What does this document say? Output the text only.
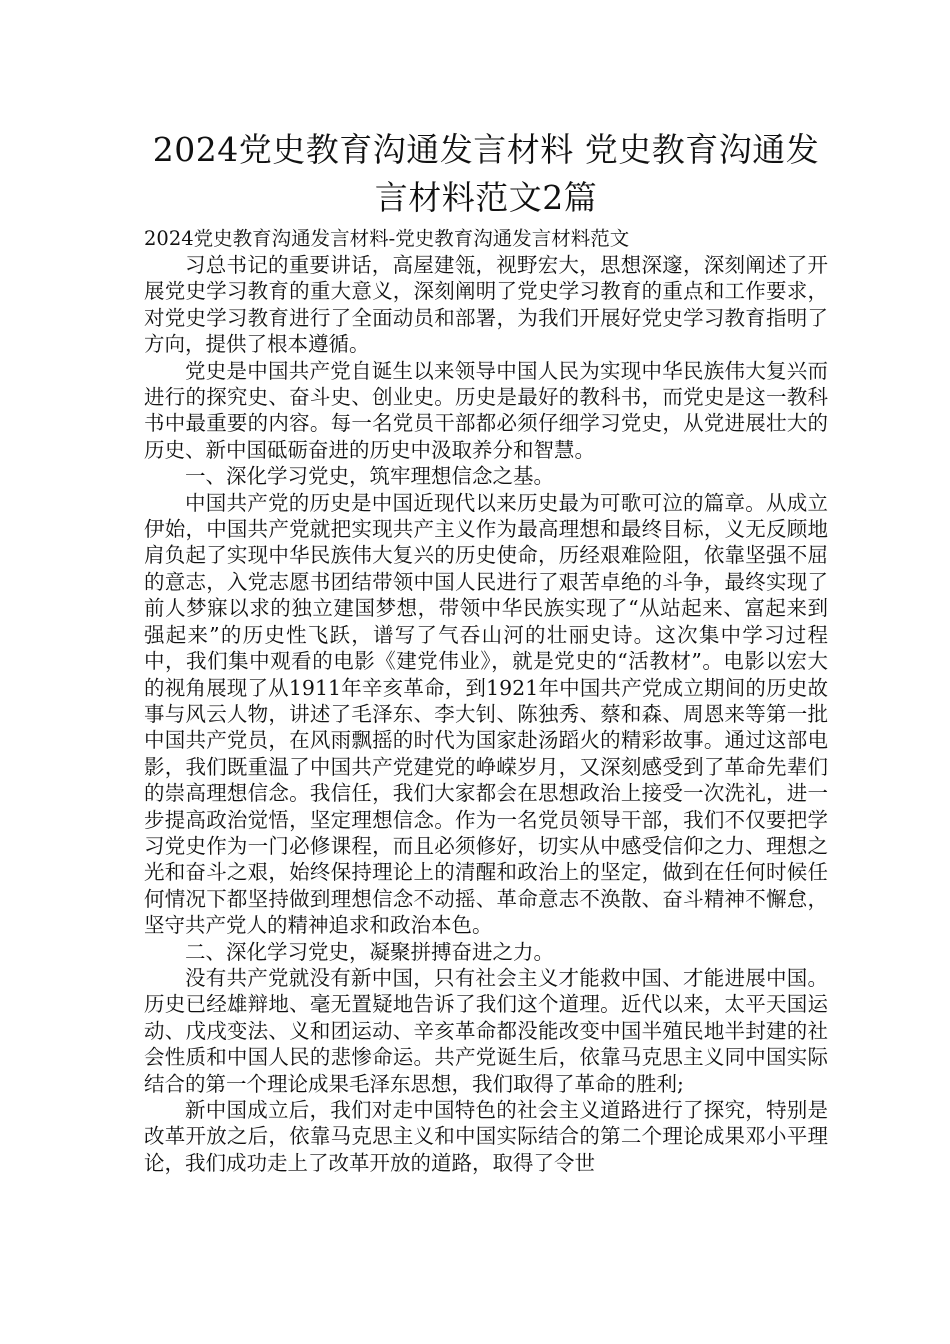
2024党史教育沟通发言材料 党史教育沟通发言材料范文2篇

2024党史教育沟通发言材料-党史教育沟通发言材料范文

习总书记的重要讲话，高屋建瓴，视野宏大，思想深邃，深刻阐述了开展党史学习教育的重大意义，深刻阐明了党史学习教育的重点和工作要求，对党史学习教育进行了全面动员和部署，为我们开展好党史学习教育指明了方向，提供了根本遵循。

党史是中国共产党自诞生以来领导中国人民为实现中华民族伟大复兴而进行的探究史、奋斗史、创业史。历史是最好的教科书，而党史是这一教科书中最重要的内容。每一名党员干部都必须仔细学习党史，从党进展壮大的历史、新中国砥砺奋进的历史中汲取养分和智慧。

一、深化学习党史，筑牢理想信念之基。

中国共产党的历史是中国近现代以来历史最为可歌可泣的篇章。从成立伊始，中国共产党就把实现共产主义作为最高理想和最终目标，义无反顾地肩负起了实现中华民族伟大复兴的历史使命，历经艰难险阻，依靠坚强不屈的意志，入党志愿书团结带领中国人民进行了艰苦卓绝的斗争，最终实现了前人梦寐以求的独立建国梦想，带领中华民族实现了“从站起来、富起来到强起来”的历史性飞跃，谱写了气吞山河的壮丽史诗。这次集中学习过程中，我们集中观看的电影《建党伟业》，就是党史的“活教材”。电影以宏大的视角展现了从1911年辛亥革命，到1921年中国共产党成立期间的历史故事与风云人物，讲述了毛泽东、李大钊、陈独秀、蔡和森、周恩来等第一批中国共产党员，在风雨飘摇的时代为国家赴汤蹈火的精彩故事。通过这部电影，我们既重温了中国共产党建党的峥嵘岁月，又深刻感受到了革命先辈们的崇高理想信念。我信任，我们大家都会在思想政治上接受一次洗礼，进一步提高政治觉悟，坚定理想信念。作为一名党员领导干部，我们不仅要把学习党史作为一门必修课程，而且必须修好，切实从中感受信仰之力、理想之光和奋斗之艰，始终保持理论上的清醒和政治上的坚定，做到在任何时候任何情况下都坚持做到理想信念不动摇、革命意志不涣散、奋斗精神不懈怠，坚守共产党人的精神追求和政治本色。

二、深化学习党史，凝聚拼搏奋进之力。

没有共产党就没有新中国，只有社会主义才能救中国、才能进展中国。历史已经雄辩地、毫无置疑地告诉了我们这个道理。近代以来，太平天国运动、戊戌变法、义和团运动、辛亥革命都没能改变中国半殖民地半封建的社会性质和中国人民的悲惨命运。共产党诞生后，依靠马克思主义同中国实际结合的第一个理论成果毛泽东思想，我们取得了革命的胜利;

新中国成立后，我们对走中国特色的社会主义道路进行了探究，特别是改革开放之后，依靠马克思主义和中国实际结合的第二个理论成果邓小平理论，我们成功走上了改革开放的道路，取得了令世
